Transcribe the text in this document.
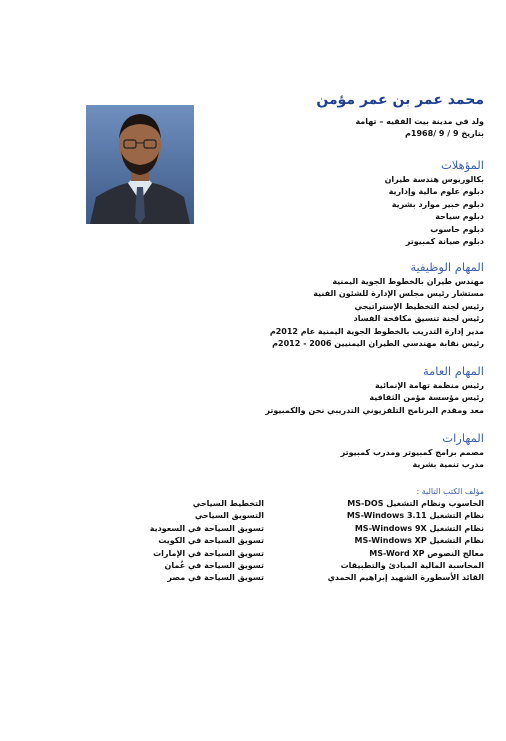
محمد عمر بن عمر مؤمن
ولد في مدينة بيت الفقيه – تهامة
بتاريخ 9 / 9 /1968م
المؤهلات
بكالوريوس هندسة طيران
دبلوم علوم مالية وإدارية
دبلوم خبير موارد بشرية
دبلوم سياحة
دبلوم حاسوب
دبلوم صيانة كمبيوتر
المهام الوظيفية
مهندس طيران بالخطوط الجوية اليمنية
مستشار رئيس مجلس الإدارة للشئون الفنية
رئيس لجنة التخطيط الإستراتيجي
رئيس لجنة تنسيق مكافحة الفساد
مدير إدارة التدريب بالخطوط الجوية اليمنية عام 2012م
رئيس نقابة مهندسي الطيران اليمنيين 2006 - 2012م
المهام العامة
رئيس منظمة تهامة الإنمائية
رئيس مؤسسة مؤمن الثقافية
معد ومقدم البرنامج التلفزيوني التدريبي نحن والكمبيوتر
المهارات
مصمم برامج كمبيوتر ومدرب كمبيوتر
مدرب تنمية بشرية
مؤلف الكتب التالية :
الحاسوب ونظام التشغيل MS-DOS
نظام التشغيل MS-Windows 3.11
نظام التشغيل MS-Windows 9X
نظام التشغيل MS-Windows XP
معالج النصوص MS-Word XP
المحاسبة المالية المبادئ والتطبيقات
القائد الأسطورة الشهيد إبراهيم الحمدي
التخطيط السياحي
التسويق السياحي
تسويق السياحة في السعودية
تسويق السياحة في الكويت
تسويق السياحة في الإمارات
تسويق السياحة في عُمان
تسويق السياحة في مصر
